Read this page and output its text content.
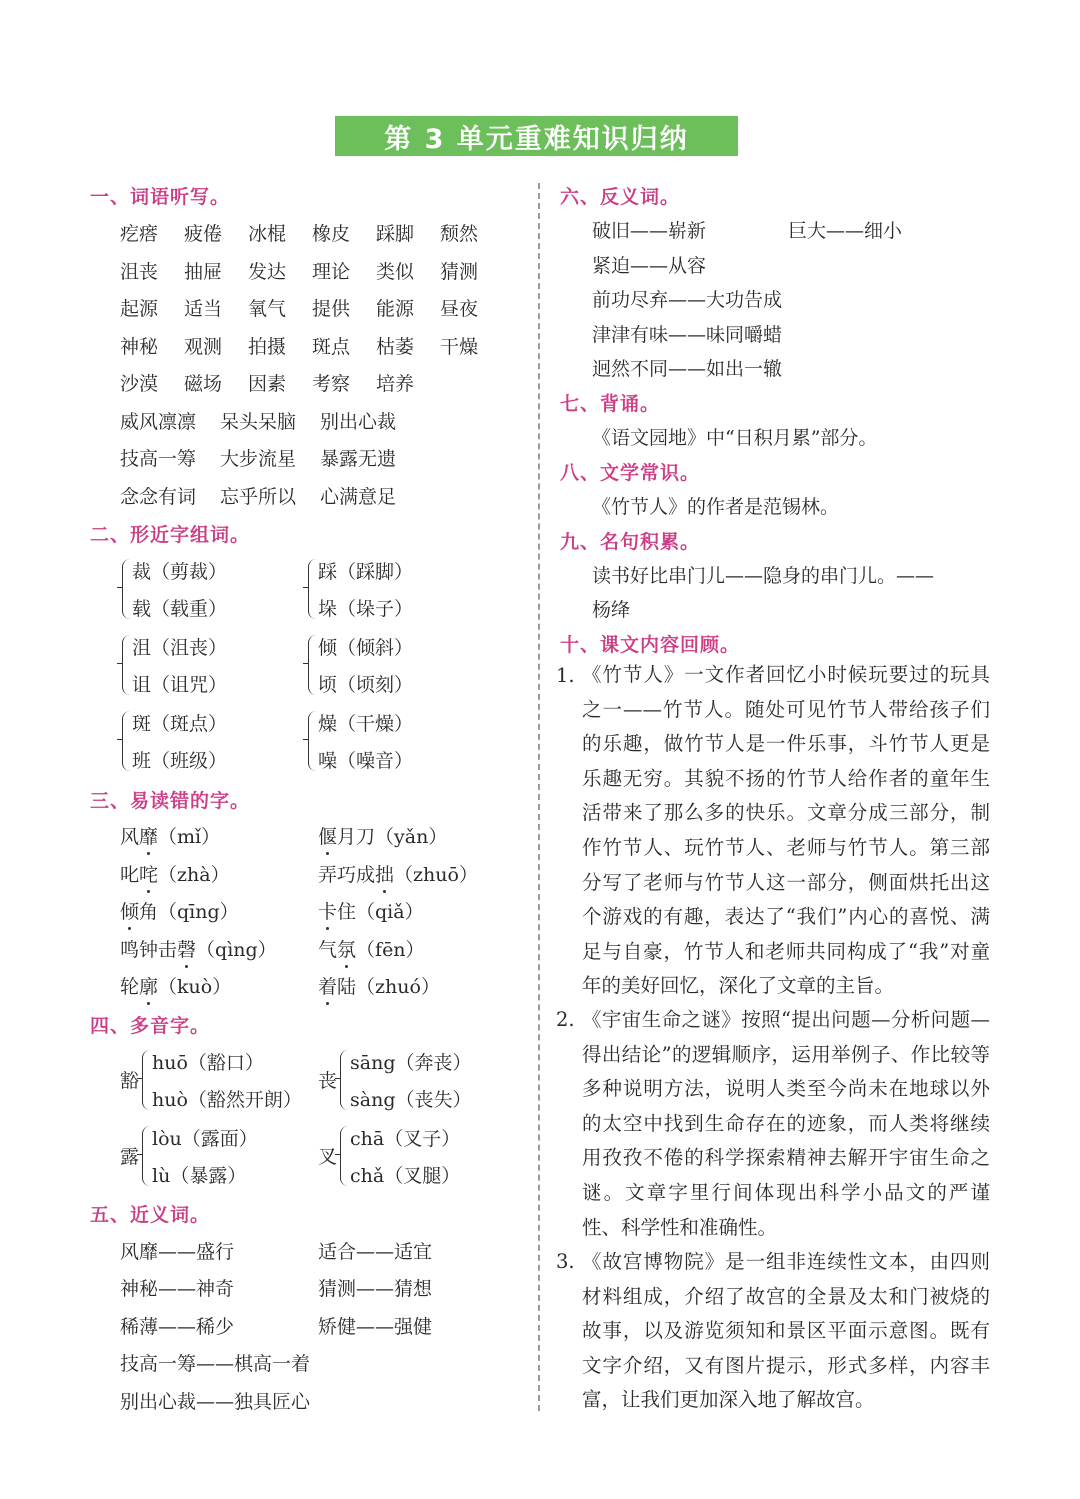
第 3 单元重难知识归纳
一、词语听写。
疙瘩	疲倦	冰棍	橡皮	踩脚	颓然
沮丧	抽屉	发达	理论	类似	猜测
起源	适当	氧气	提供	能源	昼夜
神秘	观测	拍摄	斑点	枯萎	干燥
沙漠	磁场	因素	考察	培养
威风凛凛 呆头呆脑 别出心裁
技高一筹 大步流星 暴露无遗
念念有词 忘乎所以 心满意足
二、形近字组词。
裁（剪裁）
载（载重）
踩（踩脚）
垛（垛子）
沮（沮丧）
诅（诅咒）
倾（倾斜）
顷（顷刻）
斑（斑点）
班（班级）
燥（干燥）
噪（噪音）
三、易读错的字。
风靡（mǐ）	偃月刀（yǎn）
叱咤（zhà）	弄巧成拙（zhuō）
倾角（qīng）	卡住（qiǎ）
鸣钟击磬（qìng） 气氛（fēn）
轮廓（kuò）	着陆（zhuó）
四、多音字。
豁
huō（豁口）
huò（豁然开朗）
丧
sāng（奔丧）
sàng（丧失）
露
lòu（露面）
lù（暴露）
叉
chā（叉子）
chǎ（叉腿）
五、近义词。
风靡——盛行	适合——适宜
神秘——神奇	猜测——猜想
稀薄——稀少	矫健——强健
技高一筹——棋高一着
别出心裁——独具匠心
六、反义词。
破旧——崭新	巨大——细小
紧迫——从容
前功尽弃——大功告成
津津有味——味同嚼蜡
迥然不同——如出一辙
七、背诵。
《语文园地》中“日积月累”部分。
八、文学常识。
《竹节人》的作者是范锡林。
九、名句积累。
读书好比串门儿——隐身的串门儿。——
杨绛
十、课文内容回顾。
1. 《竹节人》一文作者回忆小时候玩要过的玩具之一——竹节人。随处可见竹节人带给孩子们的乐趣，做竹节人是一件乐事，斗竹节人更是乐趣无穷。其貌不扬的竹节人给作者的童年生活带来了那么多的快乐。文章分成三部分，制作竹节人、玩竹节人、老师与竹节人。第三部分写了老师与竹节人这一部分，侧面烘托出这个游戏的有趣，表达了“我们”内心的喜悦、满足与自豪，竹节人和老师共同构成了“我”对童年的美好回忆，深化了文章的主旨。
2. 《宇宙生命之谜》按照“提出问题—分析问题—得出结论”的逻辑顺序，运用举例子、作比较等多种说明方法，说明人类至今尚未在地球以外的太空中找到生命存在的迹象，而人类将继续用孜孜不倦的科学探索精神去解开宇宙生命之谜。文章字里行间体现出科学小品文的严谨性、科学性和准确性。
3. 《故宫博物院》是一组非连续性文本，由四则材料组成，介绍了故宫的全景及太和门被烧的故事，以及游览须知和景区平面示意图。既有文字介绍，又有图片提示，形式多样，内容丰富，让我们更加深入地了解故宫。
